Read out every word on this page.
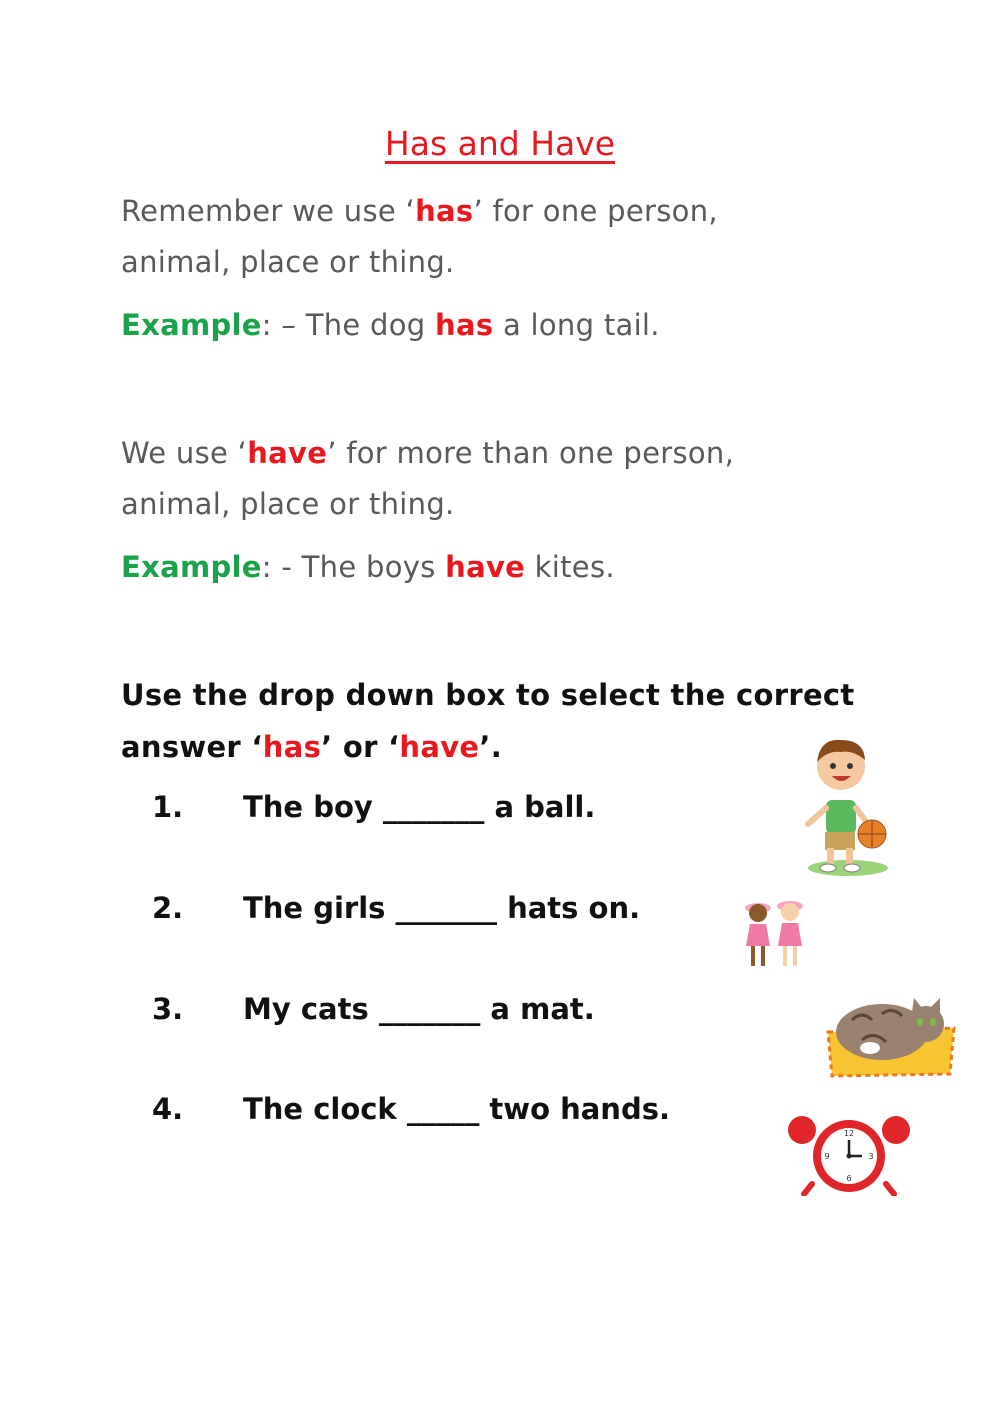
Has and Have
Remember we use ‘has’ for one person,
animal, place or thing.
Example: – The dog has a long tail.
We use ‘have’ for more than one person,
animal, place or thing.
Example: - The boys have kites.
Use the drop down box to select the correct
answer ‘has’ or ‘have’.
1. The boy _______ a ball.
2. The girls _______ hats on.
3. My cats _______ a mat.
4. The clock _____ two hands.
12
3
6
9
